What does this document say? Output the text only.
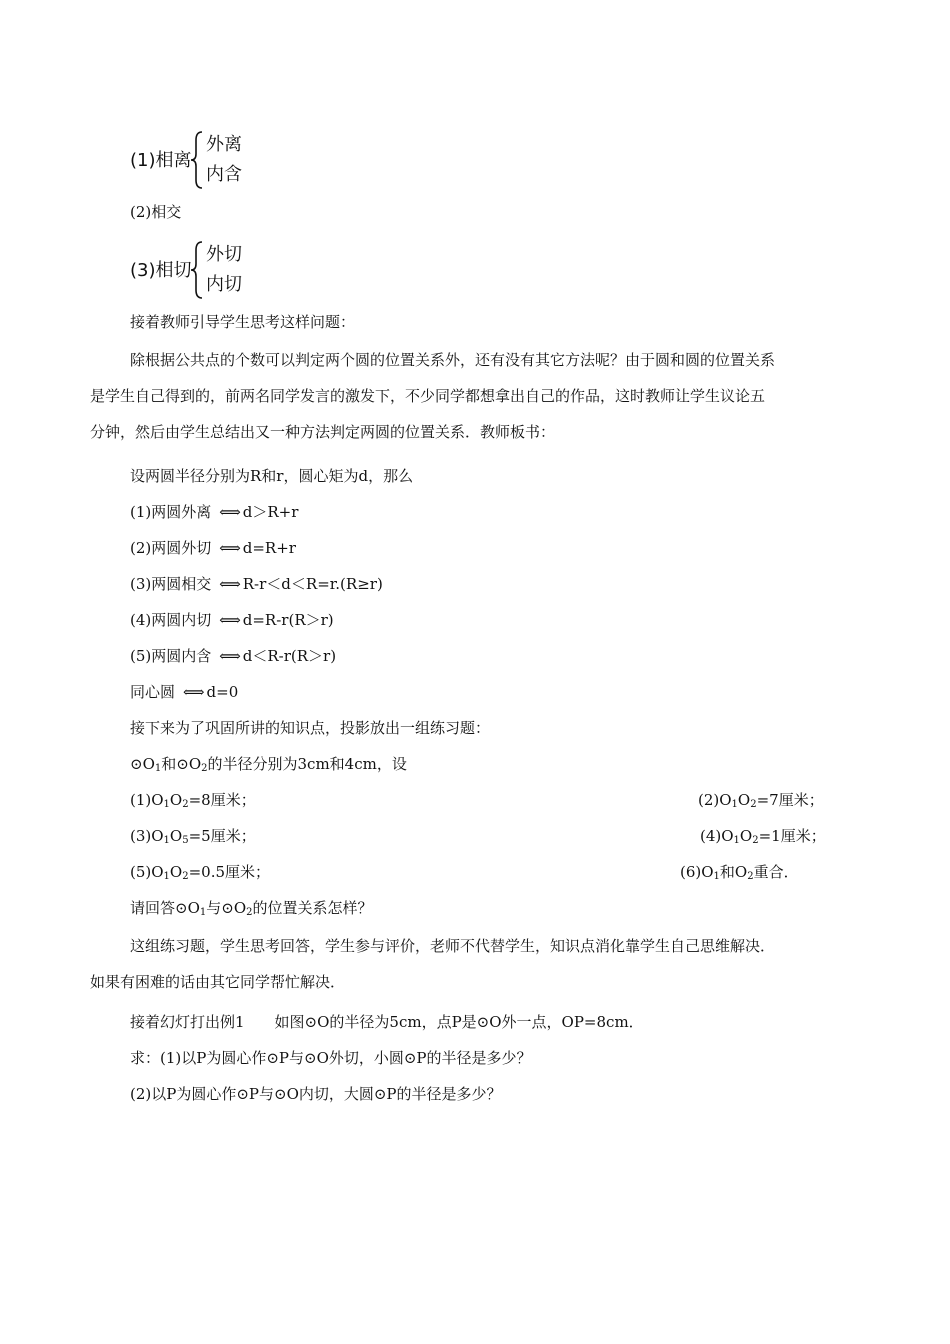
(1)相离
外离
内含
(2)相交
(3)相切
外切
内切
接着教师引导学生思考这样问题：
除根据公共点的个数可以判定两个圆的位置关系外，还有没有其它方法呢？由于圆和圆的位置关系
是学生自己得到的，前两名同学发言的激发下，不少同学都想拿出自己的作品，这时教师让学生议论五
分钟，然后由学生总结出又一种方法判定两圆的位置关系．教师板书：
设两圆半径分别为R和r，圆心矩为d，那么
(1)两圆外离 ⟺ d＞R+r
(2)两圆外切 ⟺ d=R+r
(3)两圆相交 ⟺ R-r＜d＜R=r.(R≥r)
(4)两圆内切 ⟺ d=R-r(R＞r)
(5)两圆内含 ⟺ d＜R-r(R＞r)
同心圆 ⟺ d=0
接下来为了巩固所讲的知识点，投影放出一组练习题：
$⊙O_1$和$⊙O_2$的半径分别为3cm和4cm，设
$(1)O_1O_2=8$厘米；	$(2)O_1O_2=7$厘米；
$(3)O_1O_5=5$厘米；	$(4)O_1O_2=1$厘米；
$(5)O_1O_2=0.5$厘米；	$(6)O_1$和$O_2$重合．
请回答$⊙O_1$与$⊙O_2$的位置关系怎样？
这组练习题，学生思考回答，学生参与评价，老师不代替学生，知识点消化靠学生自己思维解决．
如果有困难的话由其它同学帮忙解决．
接着幻灯打出例1　　如图⊙O的半径为5cm，点P是⊙O外一点，OP=8cm．
求：(1)以P为圆心作⊙P与⊙O外切，小圆⊙P的半径是多少？
(2)以P为圆心作⊙P与⊙O内切，大圆⊙P的半径是多少？
